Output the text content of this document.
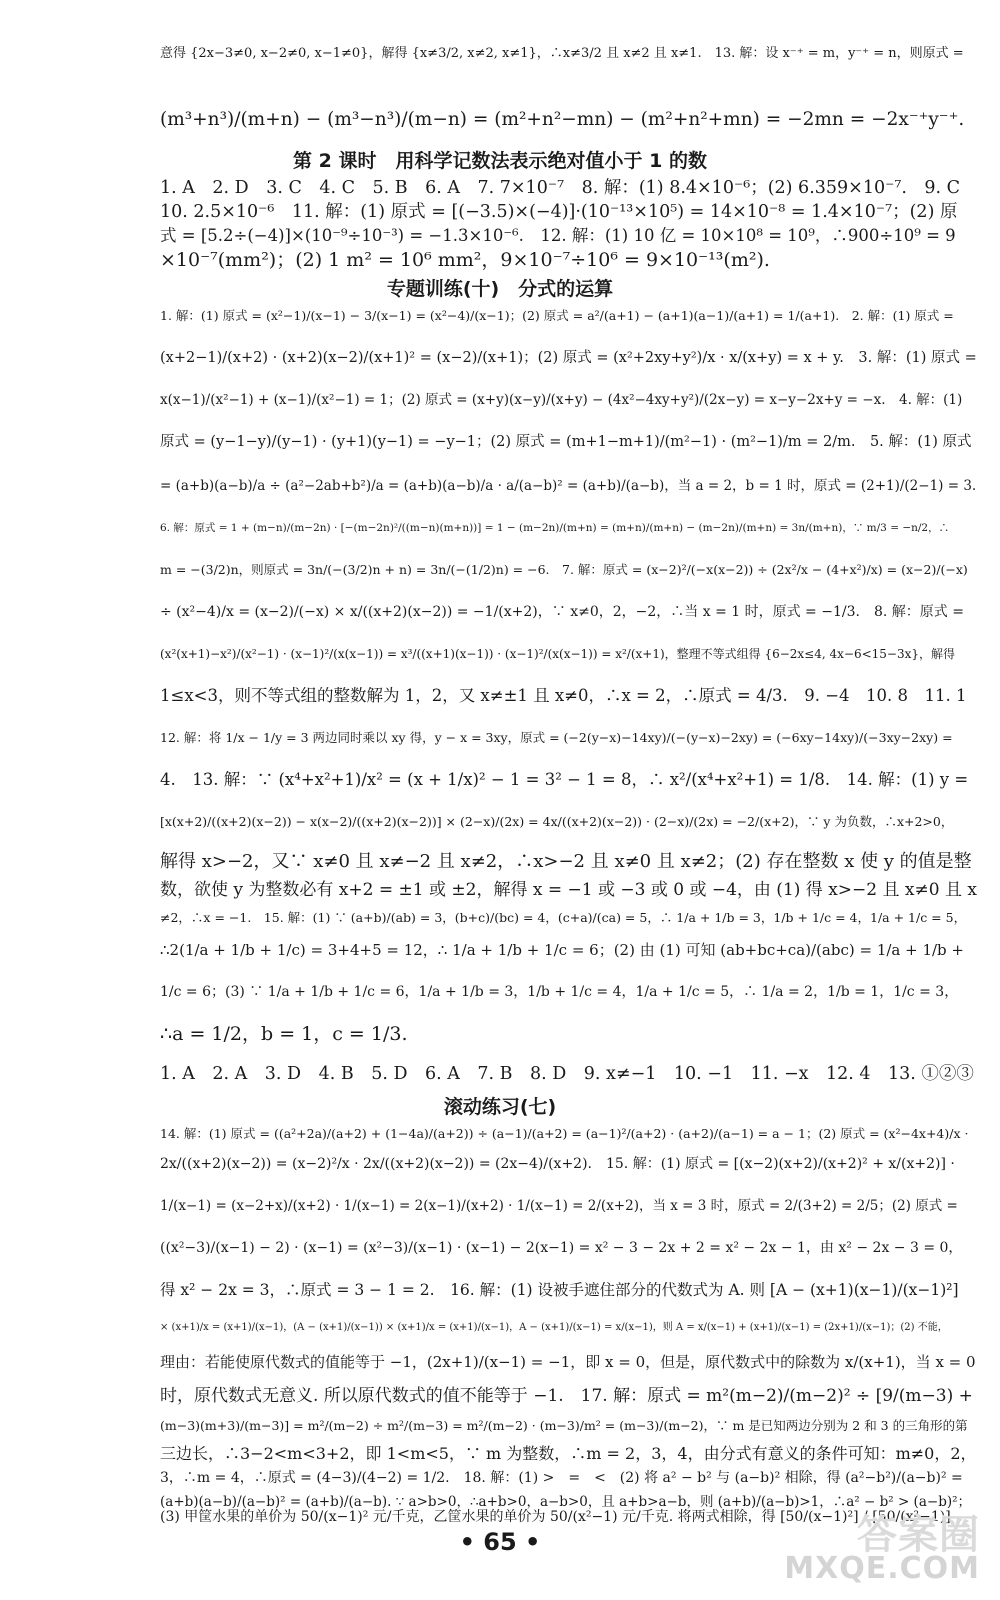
意得 {2x−3≠0, x−2≠0, x−1≠0}，解得 {x≠3/2, x≠2, x≠1}，∴x≠3/2 且 x≠2 且 x≠1.　13. 解：设 x⁻⁺ = m，y⁻⁺ = n，则原式 =
(m³+n³)/(m+n) − (m³−n³)/(m−n) = (m²+n²−mn) − (m²+n²+mn) = −2mn = −2x⁻⁺y⁻⁺.
第 2 课时　用科学记数法表示绝对值小于 1 的数
1. A　2. D　3. C　4. C　5. B　6. A　7. 7×10⁻⁷　8. 解：(1) 8.4×10⁻⁶；(2) 6.359×10⁻⁷.　9. C
10. 2.5×10⁻⁶　11. 解：(1) 原式 = [(−3.5)×(−4)]·(10⁻¹³×10⁵) = 14×10⁻⁸ = 1.4×10⁻⁷；(2) 原
式 = [5.2÷(−4)]×(10⁻⁹÷10⁻³) = −1.3×10⁻⁶.　12. 解：(1) 10 亿 = 10×10⁸ = 10⁹，∴900÷10⁹ = 9
×10⁻⁷(mm²)；(2) 1 m² = 10⁶ mm²，9×10⁻⁷÷10⁶ = 9×10⁻¹³(m²).
专题训练(十)　分式的运算
1. 解：(1) 原式 = (x²−1)/(x−1) − 3/(x−1) = (x²−4)/(x−1)；(2) 原式 = a²/(a+1) − (a+1)(a−1)/(a+1) = 1/(a+1).　2. 解：(1) 原式 =
(x+2−1)/(x+2) · (x+2)(x−2)/(x+1)² = (x−2)/(x+1)；(2) 原式 = (x²+2xy+y²)/x · x/(x+y) = x + y.　3. 解：(1) 原式 =
x(x−1)/(x²−1) + (x−1)/(x²−1) = 1；(2) 原式 = (x+y)(x−y)/(x+y) − (4x²−4xy+y²)/(2x−y) = x−y−2x+y = −x.　4. 解：(1)
原式 = (y−1−y)/(y−1) · (y+1)(y−1) = −y−1；(2) 原式 = (m+1−m+1)/(m²−1) · (m²−1)/m = 2/m.　5. 解：(1) 原式
= (a+b)(a−b)/a ÷ (a²−2ab+b²)/a = (a+b)(a−b)/a · a/(a−b)² = (a+b)/(a−b)，当 a = 2，b = 1 时，原式 = (2+1)/(2−1) = 3.
6. 解：原式 = 1 + (m−n)/(m−2n) · [−(m−2n)²/((m−n)(m+n))] = 1 − (m−2n)/(m+n) = (m+n)/(m+n) − (m−2n)/(m+n) = 3n/(m+n)，∵ m/3 = −n/2，∴
m = −(3/2)n，则原式 = 3n/(−(3/2)n + n) = 3n/(−(1/2)n) = −6.　7. 解：原式 = (x−2)²/(−x(x−2)) ÷ (2x²/x − (4+x²)/x) = (x−2)/(−x)
÷ (x²−4)/x = (x−2)/(−x) × x/((x+2)(x−2)) = −1/(x+2)，∵ x≠0，2，−2，∴当 x = 1 时，原式 = −1/3.　8. 解：原式 =
(x²(x+1)−x²)/(x²−1) · (x−1)²/(x(x−1)) = x³/((x+1)(x−1)) · (x−1)²/(x(x−1)) = x²/(x+1)，整理不等式组得 {6−2x≤4, 4x−6<15−3x}，解得
1≤x<3，则不等式组的整数解为 1，2，又 x≠±1 且 x≠0，∴x = 2，∴原式 = 4/3.　9. −4　10. 8　11. 1
12. 解：将 1/x − 1/y = 3 两边同时乘以 xy 得，y − x = 3xy，原式 = (−2(y−x)−14xy)/(−(y−x)−2xy) = (−6xy−14xy)/(−3xy−2xy) =
4.　13. 解：∵ (x⁴+x²+1)/x² = (x + 1/x)² − 1 = 3² − 1 = 8，∴ x²/(x⁴+x²+1) = 1/8.　14. 解：(1) y =
[x(x+2)/((x+2)(x−2)) − x(x−2)/((x+2)(x−2))] × (2−x)/(2x) = 4x/((x+2)(x−2)) · (2−x)/(2x) = −2/(x+2)，∵ y 为负数，∴x+2>0，
解得 x>−2，又∵ x≠0 且 x≠−2 且 x≠2，∴x>−2 且 x≠0 且 x≠2；(2) 存在整数 x 使 y 的值是整
数，欲使 y 为整数必有 x+2 = ±1 或 ±2，解得 x = −1 或 −3 或 0 或 −4，由 (1) 得 x>−2 且 x≠0 且 x
≠2，∴x = −1.　15. 解：(1) ∵ (a+b)/(ab) = 3，(b+c)/(bc) = 4，(c+a)/(ca) = 5，∴ 1/a + 1/b = 3，1/b + 1/c = 4，1/a + 1/c = 5，
∴2(1/a + 1/b + 1/c) = 3+4+5 = 12，∴ 1/a + 1/b + 1/c = 6；(2) 由 (1) 可知 (ab+bc+ca)/(abc) = 1/a + 1/b +
1/c = 6；(3) ∵ 1/a + 1/b + 1/c = 6，1/a + 1/b = 3，1/b + 1/c = 4，1/a + 1/c = 5，∴ 1/a = 2，1/b = 1，1/c = 3，
∴a = 1/2，b = 1，c = 1/3.
1. A　2. A　3. D　4. B　5. D　6. A　7. B　8. D　9. x≠−1　10. −1　11. −x　12. 4　13. ①②③
滚动练习(七)
14. 解：(1) 原式 = ((a²+2a)/(a+2) + (1−4a)/(a+2)) ÷ (a−1)/(a+2) = (a−1)²/(a+2) · (a+2)/(a−1) = a − 1；(2) 原式 = (x²−4x+4)/x ·
2x/((x+2)(x−2)) = (x−2)²/x · 2x/((x+2)(x−2)) = (2x−4)/(x+2).　15. 解：(1) 原式 = [(x−2)(x+2)/(x+2)² + x/(x+2)] ·
1/(x−1) = (x−2+x)/(x+2) · 1/(x−1) = 2(x−1)/(x+2) · 1/(x−1) = 2/(x+2)，当 x = 3 时，原式 = 2/(3+2) = 2/5；(2) 原式 =
((x²−3)/(x−1) − 2) · (x−1) = (x²−3)/(x−1) · (x−1) − 2(x−1) = x² − 3 − 2x + 2 = x² − 2x − 1，由 x² − 2x − 3 = 0，
得 x² − 2x = 3，∴原式 = 3 − 1 = 2.　16. 解：(1) 设被手遮住部分的代数式为 A. 则 [A − (x+1)(x−1)/(x−1)²]
× (x+1)/x = (x+1)/(x−1)，(A − (x+1)/(x−1)) × (x+1)/x = (x+1)/(x−1)，A − (x+1)/(x−1) = x/(x−1)，则 A = x/(x−1) + (x+1)/(x−1) = (2x+1)/(x−1)；(2) 不能，
理由：若能使原代数式的值能等于 −1，(2x+1)/(x−1) = −1，即 x = 0，但是，原代数式中的除数为 x/(x+1)，当 x = 0
时，原代数式无意义. 所以原代数式的值不能等于 −1.　17. 解：原式 = m²(m−2)/(m−2)² ÷ [9/(m−3) +
(m−3)(m+3)/(m−3)] = m²/(m−2) ÷ m²/(m−3) = m²/(m−2) · (m−3)/m² = (m−3)/(m−2)，∵ m 是已知两边分别为 2 和 3 的三角形的第
三边长，∴3−2<m<3+2，即 1<m<5，∵ m 为整数，∴m = 2，3，4，由分式有意义的条件可知：m≠0，2，
3，∴m = 4，∴原式 = (4−3)/(4−2) = 1/2.　18. 解：(1) >　=　<　(2) 将 a² − b² 与 (a−b)² 相除，得 (a²−b²)/(a−b)² =
(a+b)(a−b)/(a−b)² = (a+b)/(a−b). ∵ a>b>0，∴a+b>0，a−b>0，且 a+b>a−b，则 (a+b)/(a−b)>1，∴a² − b² > (a−b)²；
(3) 甲筐水果的单价为 50/(x−1)² 元/千克，乙筐水果的单价为 50/(x²−1) 元/千克. 将两式相除，得 [50/(x−1)²] / [50/(x²−1)]
• 65 •	答案圈
MXQE.COM
